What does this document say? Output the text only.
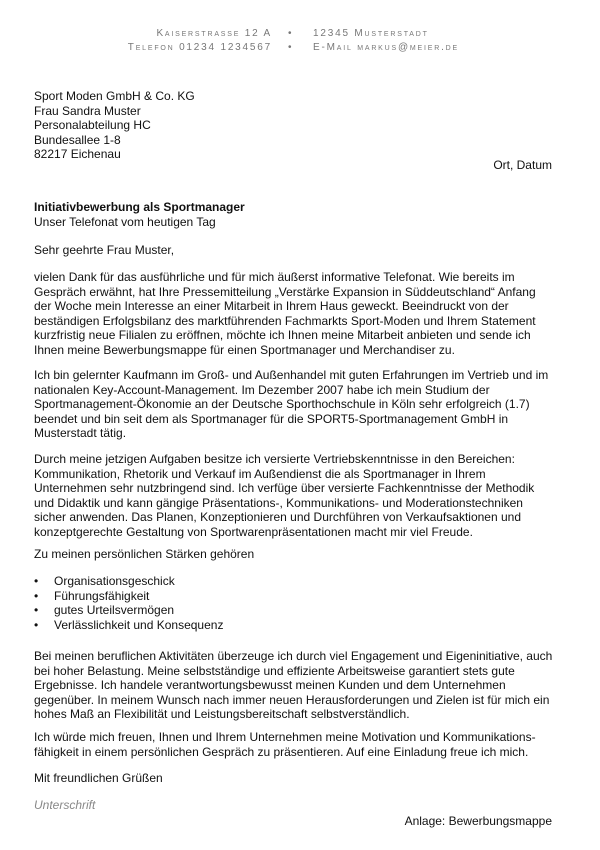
Kaiserstrasse 12 A • 12345 Musterstadt
Telefon 01234 1234567 • E-Mail markus@meier.de
Sport Moden GmbH & Co. KG
Frau Sandra Muster
Personalabteilung HC
Bundesallee 1-8
82217 Eichenau
Ort, Datum
Initiativbewerbung als Sportmanager
Unser Telefonat vom heutigen Tag
Sehr geehrte Frau Muster,

vielen Dank für das ausführliche und für mich äußerst informative Telefonat. Wie bereits im Gespräch erwähnt, hat Ihre Pressemitteilung „Verstärke Expansion in Süddeutschland“ Anfang der Woche mein Interesse an einer Mitarbeit in Ihrem Haus geweckt. Beeindruckt von der beständigen Erfolgsbilanz des marktführenden Fachmarkts Sport-Moden und Ihrem Statement kurzfristig neue Filialen zu eröffnen, möchte ich Ihnen meine Mitarbeit anbieten und sende ich Ihnen meine Bewerbungsmappe für einen Sportmanager und Merchandiser zu.

Ich bin gelernter Kaufmann im Groß- und Außenhandel mit guten Erfahrungen im Vertrieb und im nationalen Key-Account-Management. Im Dezember 2007 habe ich mein Studium der Sportmanagement-Ökonomie an der Deutsche Sporthochschule in Köln sehr erfolgreich (1.7) beendet und bin seit dem als Sportmanager für die SPORT5-Sportmanagement GmbH in Musterstadt tätig.

Durch meine jetzigen Aufgaben besitze ich versierte Vertriebskenntnisse in den Bereichen: Kommunikation, Rhetorik und Verkauf im Außendienst die als Sportmanager in Ihrem Unternehmen sehr nutzbringend sind. Ich verfüge über versierte Fachkenntnisse der Methodik und Didaktik und kann gängige Präsentations-, Kommunikations- und Moderationstechniken sicher anwenden. Das Planen, Konzeptionieren und Durchführen von Verkaufsaktionen und konzeptgerechte Gestaltung von Sportwarenpräsentationen macht mir viel Freude.

Zu meinen persönlichen Stärken gehören

• Organisationsgeschick
• Führungsfähigkeit
• gutes Urteilsvermögen
• Verlässlichkeit und Konsequenz

Bei meinen beruflichen Aktivitäten überzeuge ich durch viel Engagement und Eigeninitiative, auch bei hoher Belastung. Meine selbstständige und effiziente Arbeitsweise garantiert stets gute Ergebnisse. Ich handele verantwortungsbewusst meinen Kunden und dem Unternehmen gegenüber. In meinem Wunsch nach immer neuen Herausforderungen und Zielen ist für mich ein hohes Maß an Flexibilität und Leistungsbereitschaft selbstverständlich.

Ich würde mich freuen, Ihnen und Ihrem Unternehmen meine Motivation und Kommunikations-fähigkeit in einem persönlichen Gespräch zu präsentieren. Auf eine Einladung freue ich mich.

Mit freundlichen Grüßen
Unterschrift
Anlage: Bewerbungsmappe
